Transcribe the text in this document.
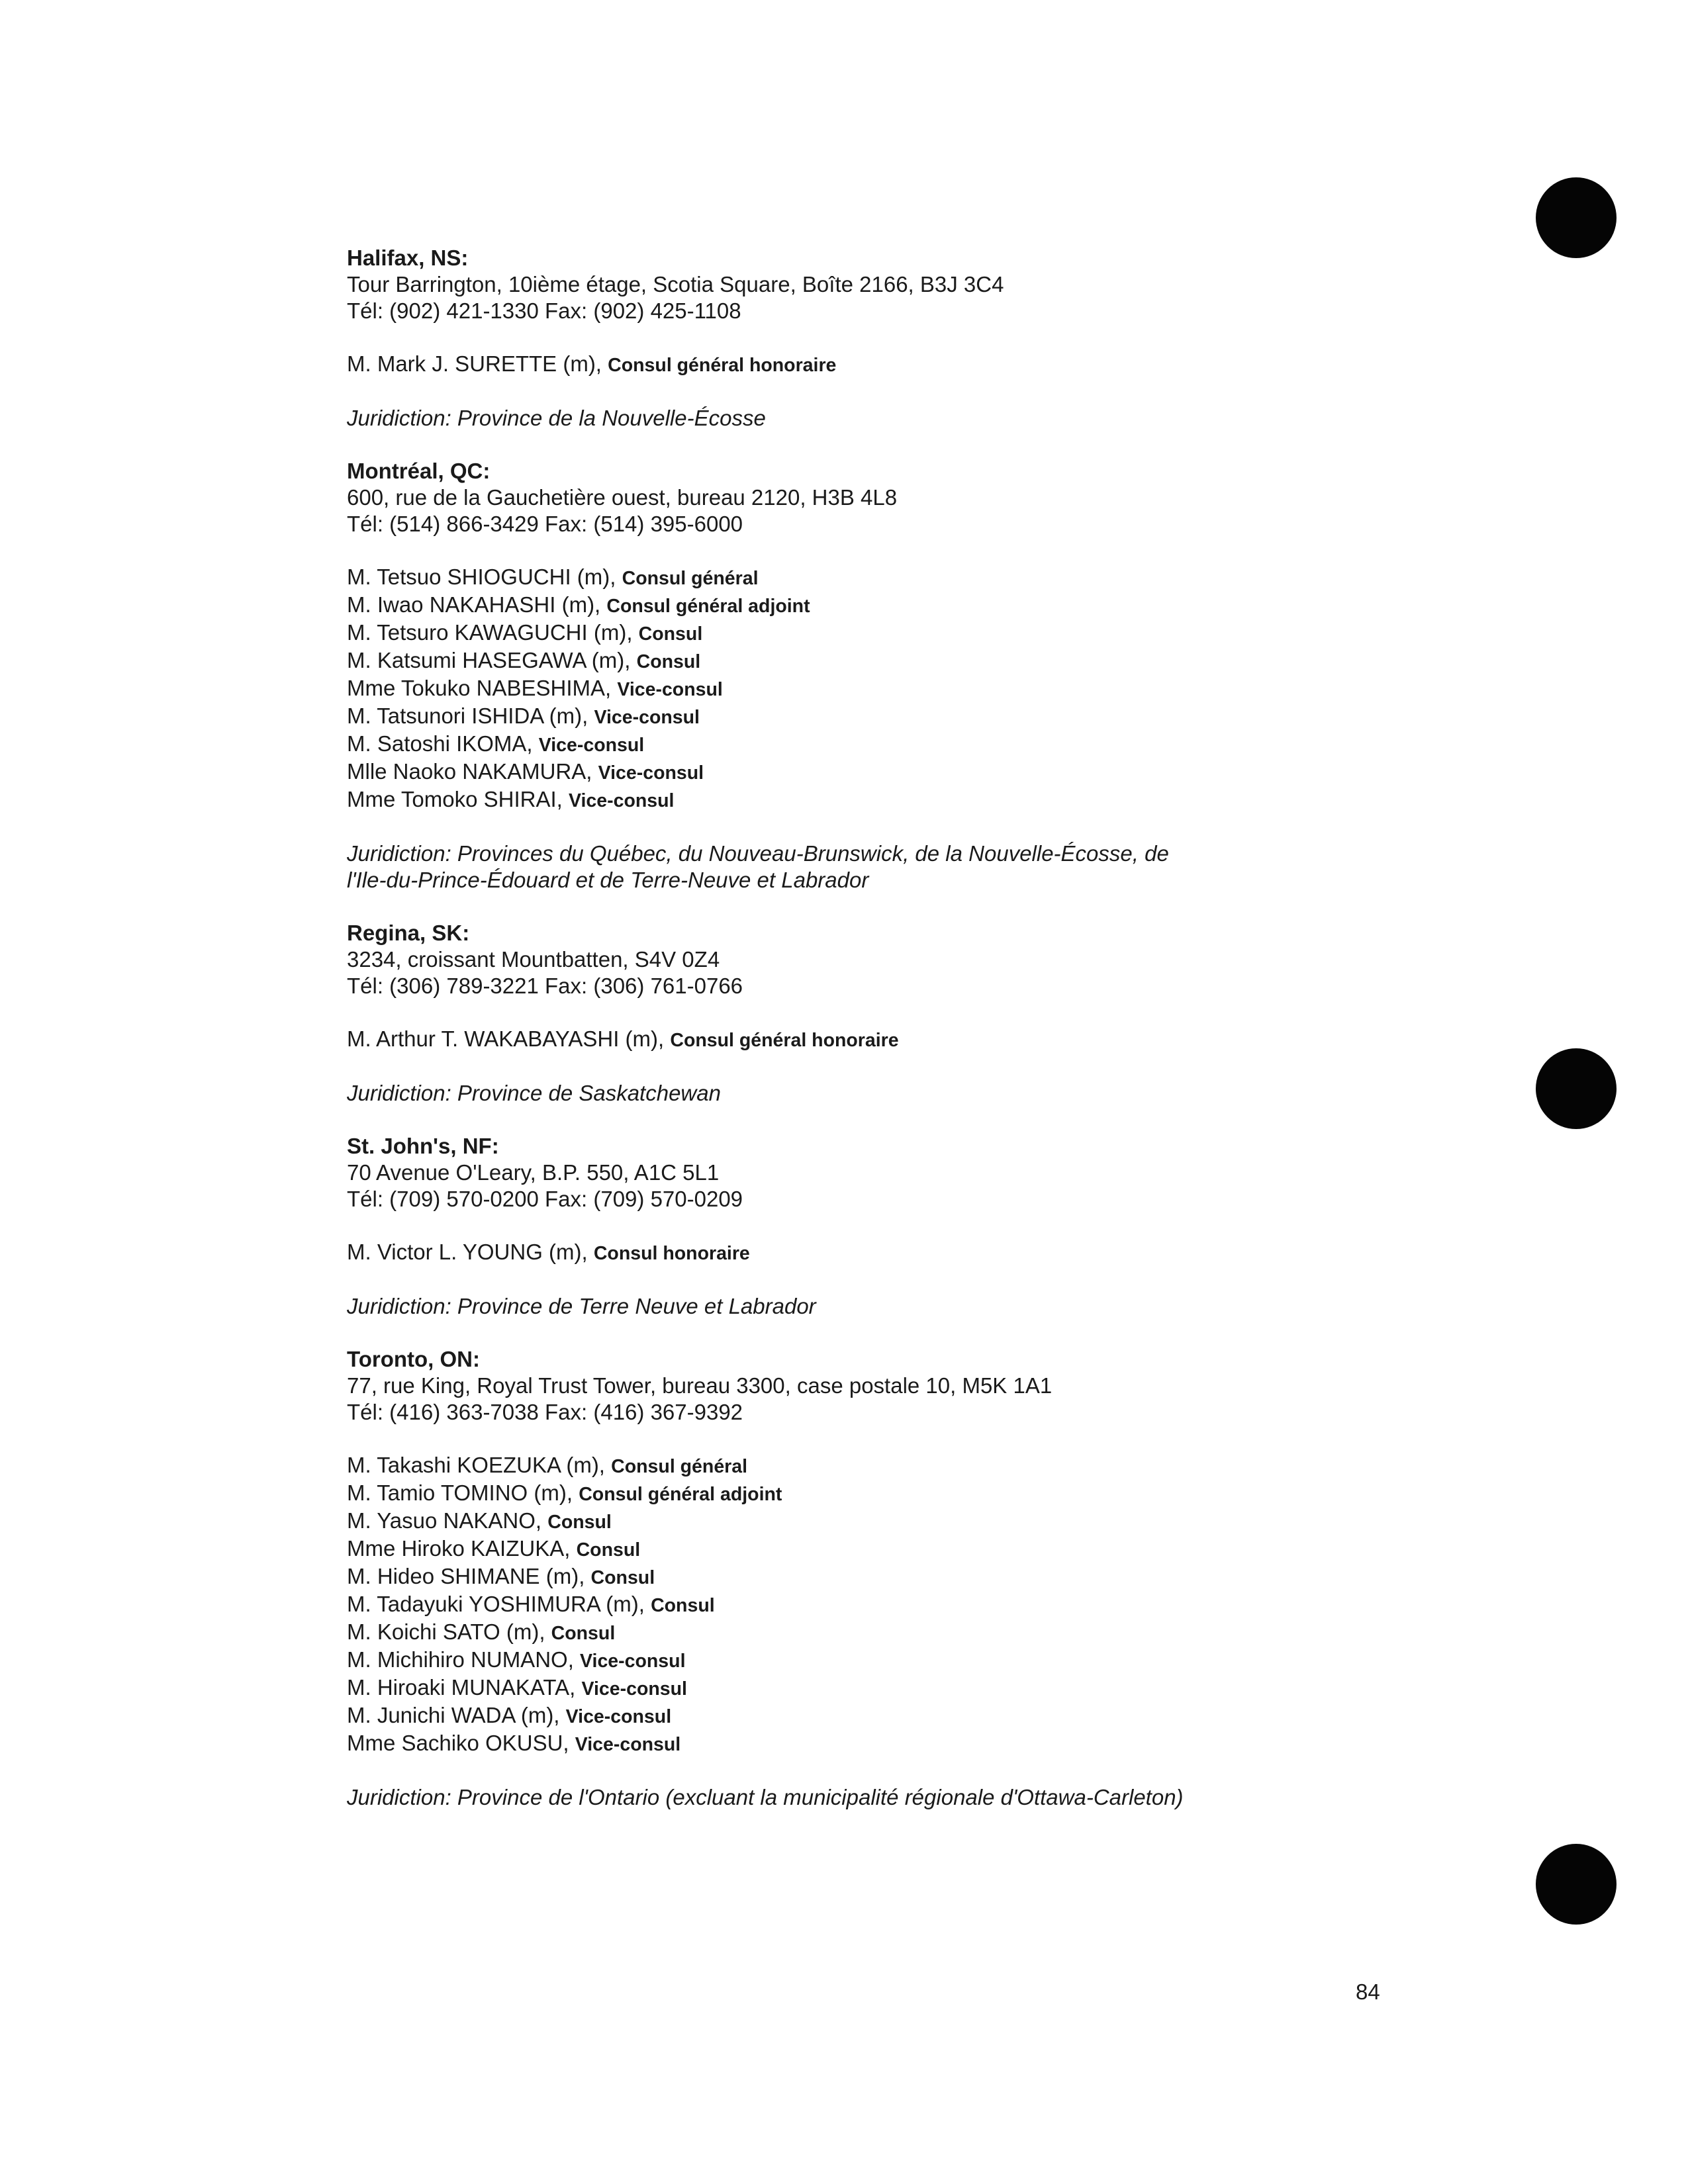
Halifax, NS:
Tour Barrington, 10ième étage, Scotia Square, Boîte 2166, B3J 3C4
Tél: (902) 421-1330 Fax: (902) 425-1108
M. Mark J. SURETTE (m), Consul général honoraire
Juridiction: Province de la Nouvelle-Écosse
Montréal, QC:
600, rue de la Gauchetière ouest, bureau 2120, H3B 4L8
Tél: (514) 866-3429 Fax: (514) 395-6000
M. Tetsuo SHIOGUCHI (m), Consul général
M. Iwao NAKAHASHI (m), Consul général adjoint
M. Tetsuro KAWAGUCHI (m), Consul
M. Katsumi HASEGAWA (m), Consul
Mme Tokuko NABESHIMA, Vice-consul
M. Tatsunori ISHIDA (m), Vice-consul
M. Satoshi IKOMA, Vice-consul
Mlle Naoko NAKAMURA, Vice-consul
Mme Tomoko SHIRAI, Vice-consul
Juridiction: Provinces du Québec, du Nouveau-Brunswick, de la Nouvelle-Écosse, de
l'Ile-du-Prince-Édouard et de Terre-Neuve et Labrador
Regina, SK:
3234, croissant Mountbatten, S4V 0Z4
Tél: (306) 789-3221 Fax: (306) 761-0766
M. Arthur T. WAKABAYASHI (m), Consul général honoraire
Juridiction: Province de Saskatchewan
St. John's, NF:
70 Avenue O'Leary, B.P. 550, A1C 5L1
Tél: (709) 570-0200 Fax: (709) 570-0209
M. Victor L. YOUNG (m), Consul honoraire
Juridiction: Province de Terre Neuve et Labrador
Toronto, ON:
77, rue King, Royal Trust Tower, bureau 3300, case postale 10, M5K 1A1
Tél: (416) 363-7038 Fax: (416) 367-9392
M. Takashi KOEZUKA (m), Consul général
M. Tamio TOMINO (m), Consul général adjoint
M. Yasuo NAKANO, Consul
Mme Hiroko KAIZUKA, Consul
M. Hideo SHIMANE (m), Consul
M. Tadayuki YOSHIMURA (m), Consul
M. Koichi SATO (m), Consul
M. Michihiro NUMANO, Vice-consul
M. Hiroaki MUNAKATA, Vice-consul
M. Junichi WADA (m), Vice-consul
Mme Sachiko OKUSU, Vice-consul
Juridiction: Province de l'Ontario (excluant la municipalité régionale d'Ottawa-Carleton)
84
